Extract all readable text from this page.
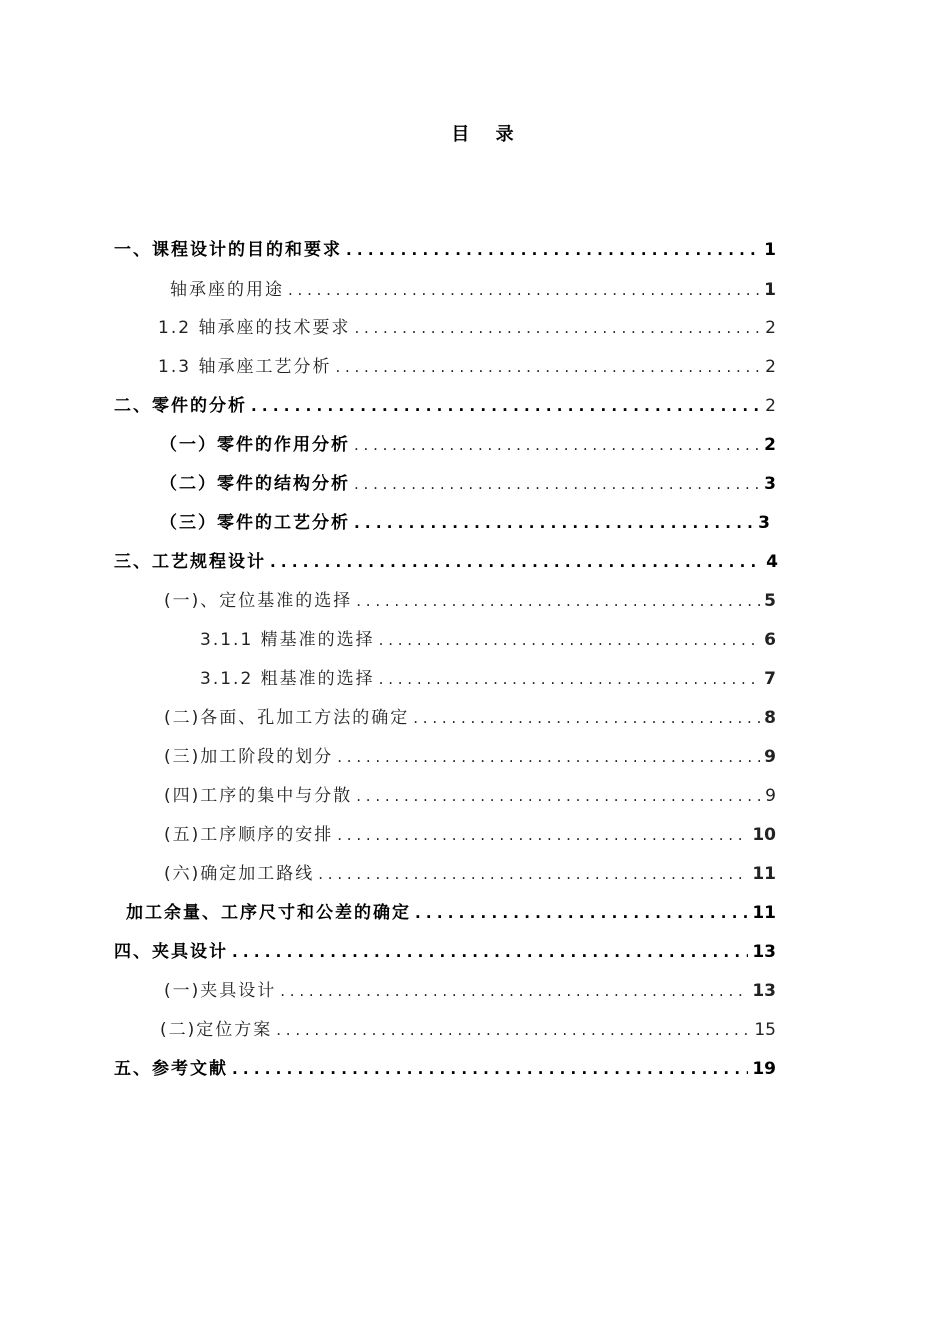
目 录
一、课程设计的目的和要求 . . .	1
轴承座的用途 . . .	1
1.2 轴承座的技术要求 . . .	2
1.3 轴承座工艺分析 . . .	2
二、零件的分析 . . .	2
（一）零件的作用分析 . . .	2
（二）零件的结构分析 . . .	3
（三）零件的工艺分析 . . .	3
三、工艺规程设计 . . .	4
(一)、定位基准的选择 . . .	5
3.1.1 精基准的选择 . . .	6
3.1.2 粗基准的选择 . . .	7
(二)各面、孔加工方法的确定 . . .	8
(三)加工阶段的划分 . . .	9
(四)工序的集中与分散 . . .	9
(五)工序顺序的安排 . . .	10
(六)确定加工路线 . . .	11
加工余量、工序尺寸和公差的确定 . . .	11
四、夹具设计 . . .	13
(一)夹具设计 . . .	13
(二)定位方案 . . .	15
五、参考文献 . . .	19
